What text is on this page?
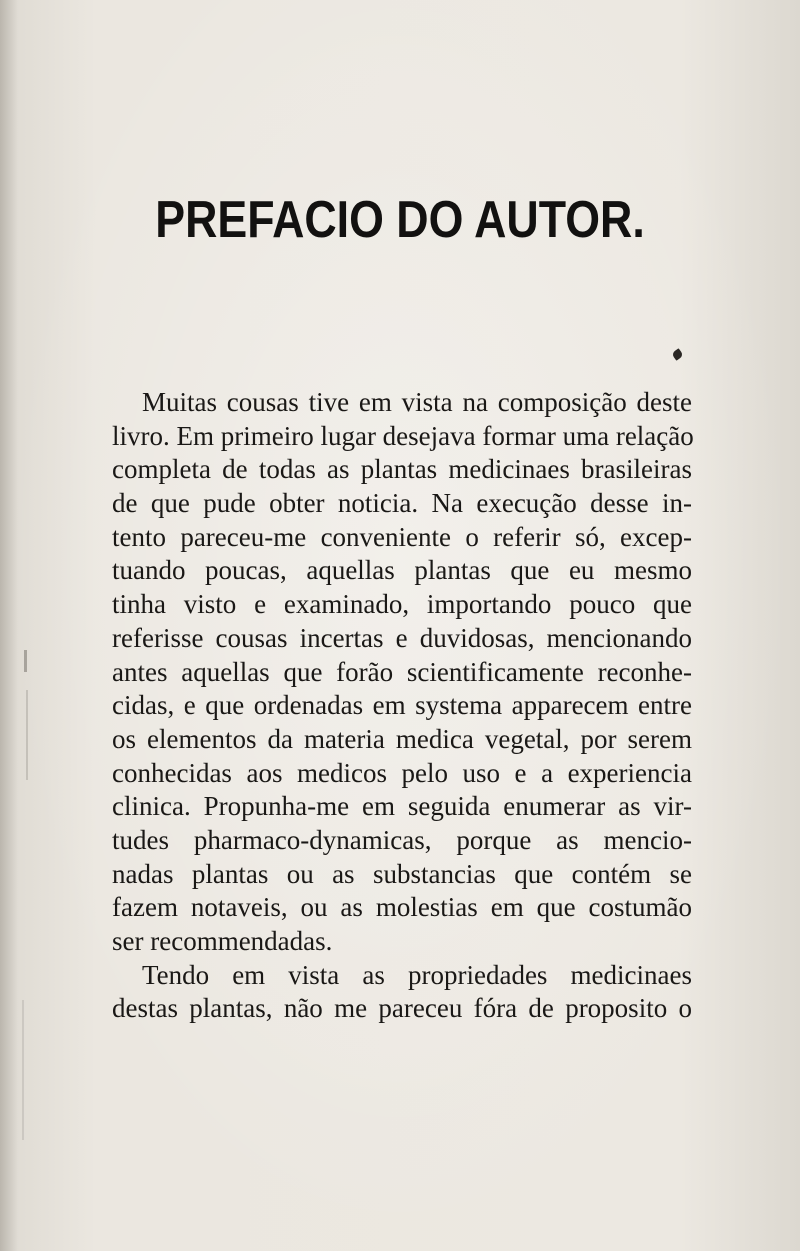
PREFACIO DO AUTOR.
Muitas cousas tive em vista na composição deste
livro. Em primeiro lugar desejava formar uma relação
completa de todas as plantas medicinaes brasileiras
de que pude obter noticia. Na execução desse in-
tento pareceu-me conveniente o referir só, excep-
tuando poucas, aquellas plantas que eu mesmo
tinha visto e examinado, importando pouco que
referisse cousas incertas e duvidosas, mencionando
antes aquellas que forão scientificamente reconhe-
cidas, e que ordenadas em systema apparecem entre
os elementos da materia medica vegetal, por serem
conhecidas aos medicos pelo uso e a experiencia
clinica. Propunha-me em seguida enumerar as vir-
tudes pharmaco-dynamicas, porque as mencio-
nadas plantas ou as substancias que contém se
fazem notaveis, ou as molestias em que costumão
ser recommendadas.
Tendo em vista as propriedades medicinaes
destas plantas, não me pareceu fóra de proposito o
